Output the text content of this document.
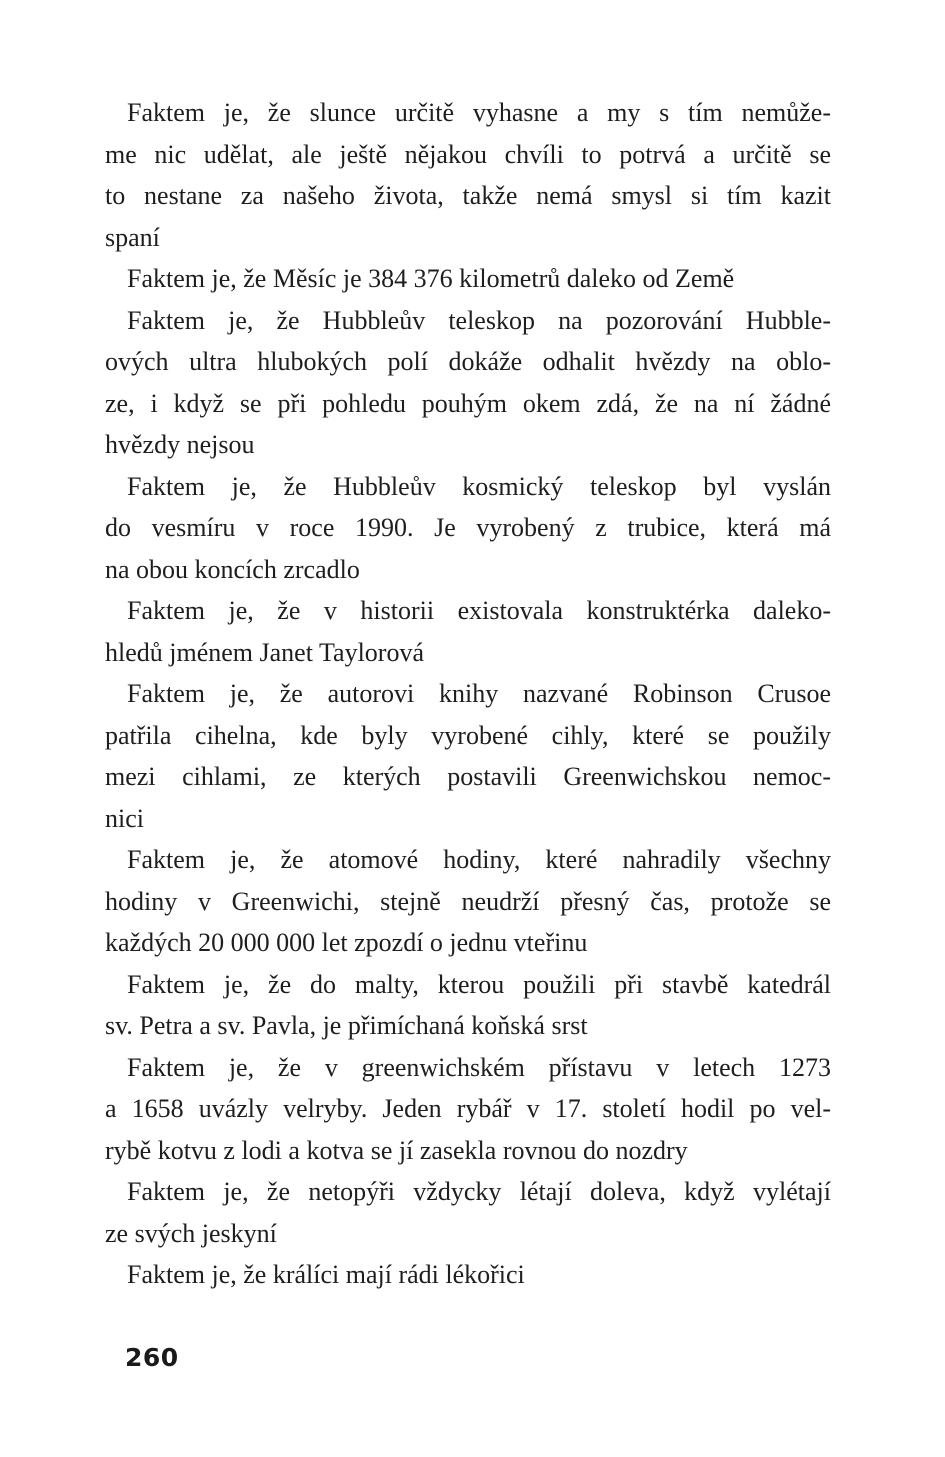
Faktem je, že slunce určitě vyhasne a my s tím nemůže-
me nic udělat, ale ještě nějakou chvíli to potrvá a určitě se
to nestane za našeho života, takže nemá smysl si tím kazit
spaní
Faktem je, že Měsíc je 384 376 kilometrů daleko od Země
Faktem je, že Hubbleův teleskop na pozorování Hubble-
ových ultra hlubokých polí dokáže odhalit hvězdy na oblo-
ze, i když se při pohledu pouhým okem zdá, že na ní žádné
hvězdy nejsou
Faktem je, že Hubbleův kosmický teleskop byl vyslán
do vesmíru v roce 1990. Je vyrobený z trubice, která má
na obou koncích zrcadlo
Faktem je, že v historii existovala konstruktérka daleko-
hledů jménem Janet Taylorová
Faktem je, že autorovi knihy nazvané Robinson Crusoe
patřila cihelna, kde byly vyrobené cihly, které se použily
mezi cihlami, ze kterých postavili Greenwichskou nemoc-
nici
Faktem je, že atomové hodiny, které nahradily všechny
hodiny v Greenwichi, stejně neudrží přesný čas, protože se
každých 20 000 000 let zpozdí o jednu vteřinu
Faktem je, že do malty, kterou použili při stavbě katedrál
sv. Petra a sv. Pavla, je přimíchaná koňská srst
Faktem je, že v greenwichském přístavu v letech 1273
a 1658 uvázly velryby. Jeden rybář v 17. století hodil po vel-
rybě kotvu z lodi a kotva se jí zasekla rovnou do nozdry
Faktem je, že netopýři vždycky létají doleva, když vylétají
ze svých jeskyní
Faktem je, že králíci mají rádi lékořici
260
